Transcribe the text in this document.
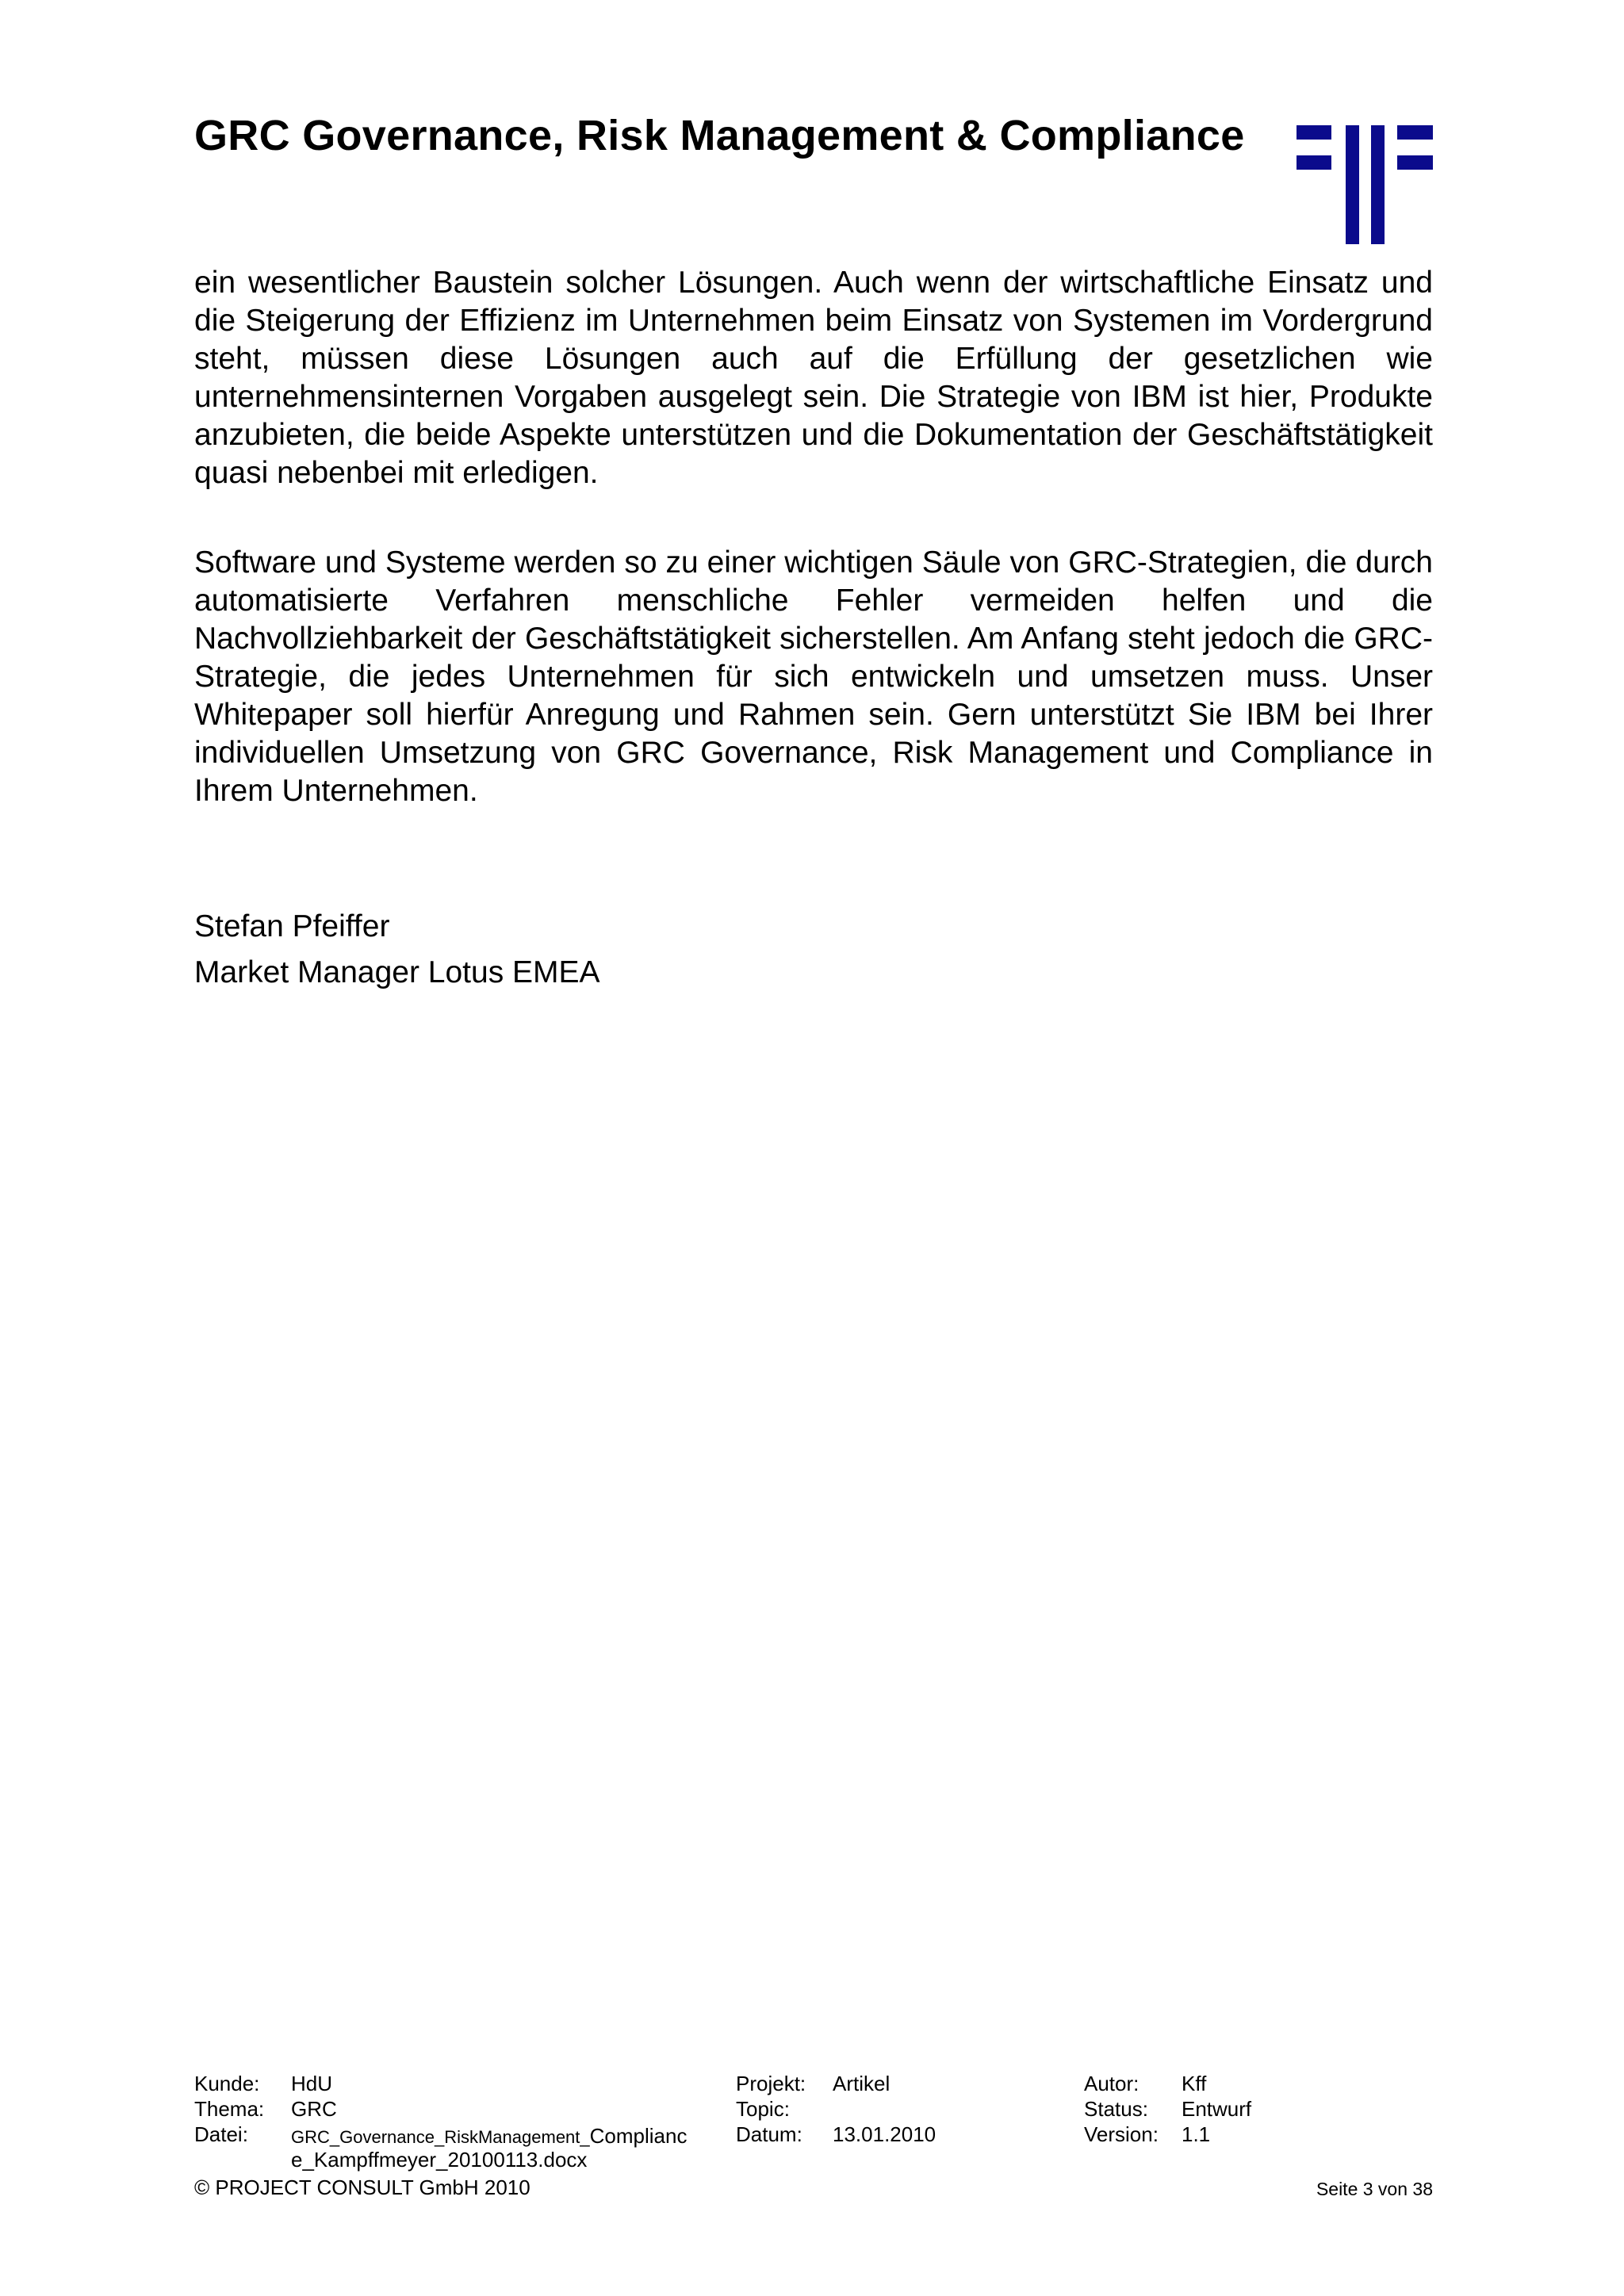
GRC Governance, Risk Management & Compliance
ein wesentlicher Baustein solcher Lösungen. Auch wenn der wirtschaftliche Einsatz und die Steigerung der Effizienz im Unternehmen beim Einsatz von Systemen im Vordergrund steht, müssen diese Lösungen auch auf die Erfüllung der gesetzlichen wie unternehmensinternen Vorgaben ausgelegt sein. Die Strategie von IBM ist hier, Produkte anzubieten, die beide Aspekte unterstützen und die Dokumentation der Geschäftstätigkeit quasi nebenbei mit erledigen.
Software und Systeme werden so zu einer wichtigen Säule von GRC-Strategien, die durch automatisierte Verfahren menschliche Fehler vermeiden helfen und die Nachvollziehbarkeit der Geschäftstätigkeit sicherstellen. Am Anfang steht jedoch die GRC-Strategie, die jedes Unternehmen für sich entwickeln und umsetzen muss. Unser Whitepaper soll hierfür Anregung und Rahmen sein. Gern unterstützt Sie IBM bei Ihrer individuellen Umsetzung von GRC Governance, Risk Management und Compliance in Ihrem Unternehmen.
Stefan Pfeiffer
Market Manager Lotus EMEA
Kunde: HdU
Thema: GRC
Datei: GRC_Governance_RiskManagement_Complianc
e_Kampffmeyer_20100113.docx
Projekt: Artikel
Topic:
Datum: 13.01.2010
Autor: Kff
Status: Entwurf
Version: 1.1
© PROJECT CONSULT GmbH 2010	Seite 3 von 38
